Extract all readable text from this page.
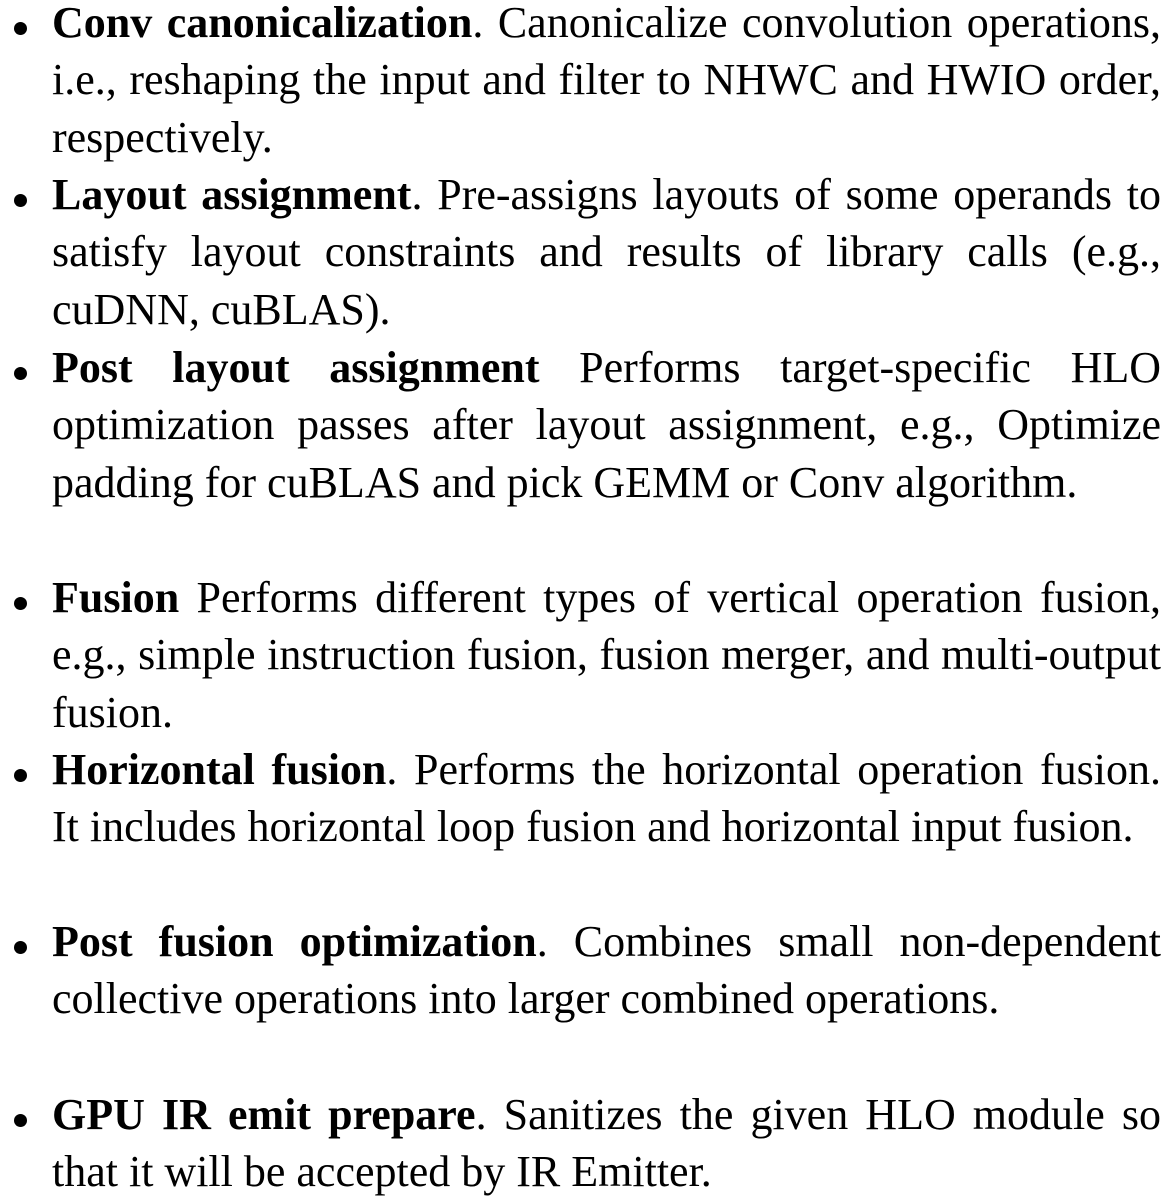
Conv canonicalization. Canonicalize convolution operations, i.e., reshaping the input and filter to NHWC and HWIO order, respectively.
Layout assignment. Pre-assigns layouts of some operands to satisfy layout constraints and results of library calls (e.g., cuDNN, cuBLAS).
Post layout assignment Performs target-specific HLO optimization passes after layout assignment, e.g., Optimize padding for cuBLAS and pick GEMM or Conv algorithm.
Fusion Performs different types of vertical operation fusion, e.g., simple instruction fusion, fusion merger, and multi-output fusion.
Horizontal fusion. Performs the horizontal operation fusion. It includes horizontal loop fusion and horizontal input fusion.
Post fusion optimization. Combines small non-dependent collective operations into larger combined operations.
GPU IR emit prepare. Sanitizes the given HLO module so that it will be accepted by IR Emitter.
